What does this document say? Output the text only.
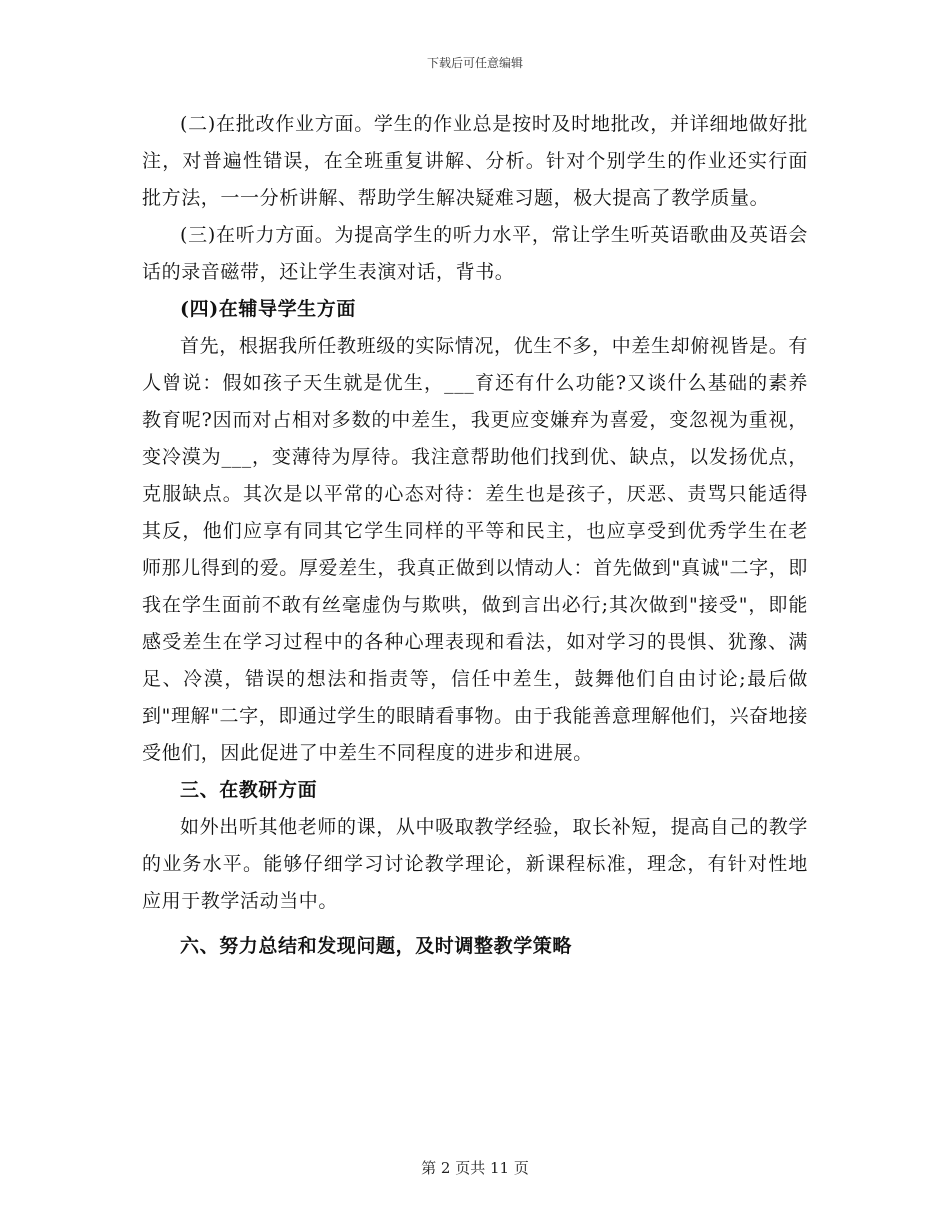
下载后可任意编辑

(二)在批改作业方面。学生的作业总是按时及时地批改，并详细地做好批注，对普遍性错误，在全班重复讲解、分析。针对个别学生的作业还实行面批方法，一一分析讲解、帮助学生解决疑难习题，极大提高了教学质量。

(三)在听力方面。为提高学生的听力水平，常让学生听英语歌曲及英语会话的录音磁带，还让学生表演对话，背书。

(四)在辅导学生方面

首先，根据我所任教班级的实际情况，优生不多，中差生却俯视皆是。有人曾说：假如孩子天生就是优生，___育还有什么功能?又谈什么基础的素养教育呢?因而对占相对多数的中差生，我更应变嫌弃为喜爱，变忽视为重视，变冷漠为___，变薄待为厚待。我注意帮助他们找到优、缺点，以发扬优点，克服缺点。其次是以平常的心态对待：差生也是孩子，厌恶、责骂只能适得其反，他们应享有同其它学生同样的平等和民主，也应享受到优秀学生在老师那儿得到的爱。厚爱差生，我真正做到以情动人：首先做到"真诚"二字，即我在学生面前不敢有丝毫虚伪与欺哄，做到言出必行;其次做到"接受"，即能感受差生在学习过程中的各种心理表现和看法，如对学习的畏惧、犹豫、满足、冷漠，错误的想法和指责等，信任中差生，鼓舞他们自由讨论;最后做到"理解"二字，即通过学生的眼睛看事物。由于我能善意理解他们，兴奋地接受他们，因此促进了中差生不同程度的进步和进展。

三、在教研方面

如外出听其他老师的课，从中吸取教学经验，取长补短，提高自己的教学的业务水平。能够仔细学习讨论教学理论，新课程标准，理念，有针对性地应用于教学活动当中。

六、努力总结和发现问题，及时调整教学策略

第 2 页共 11 页
